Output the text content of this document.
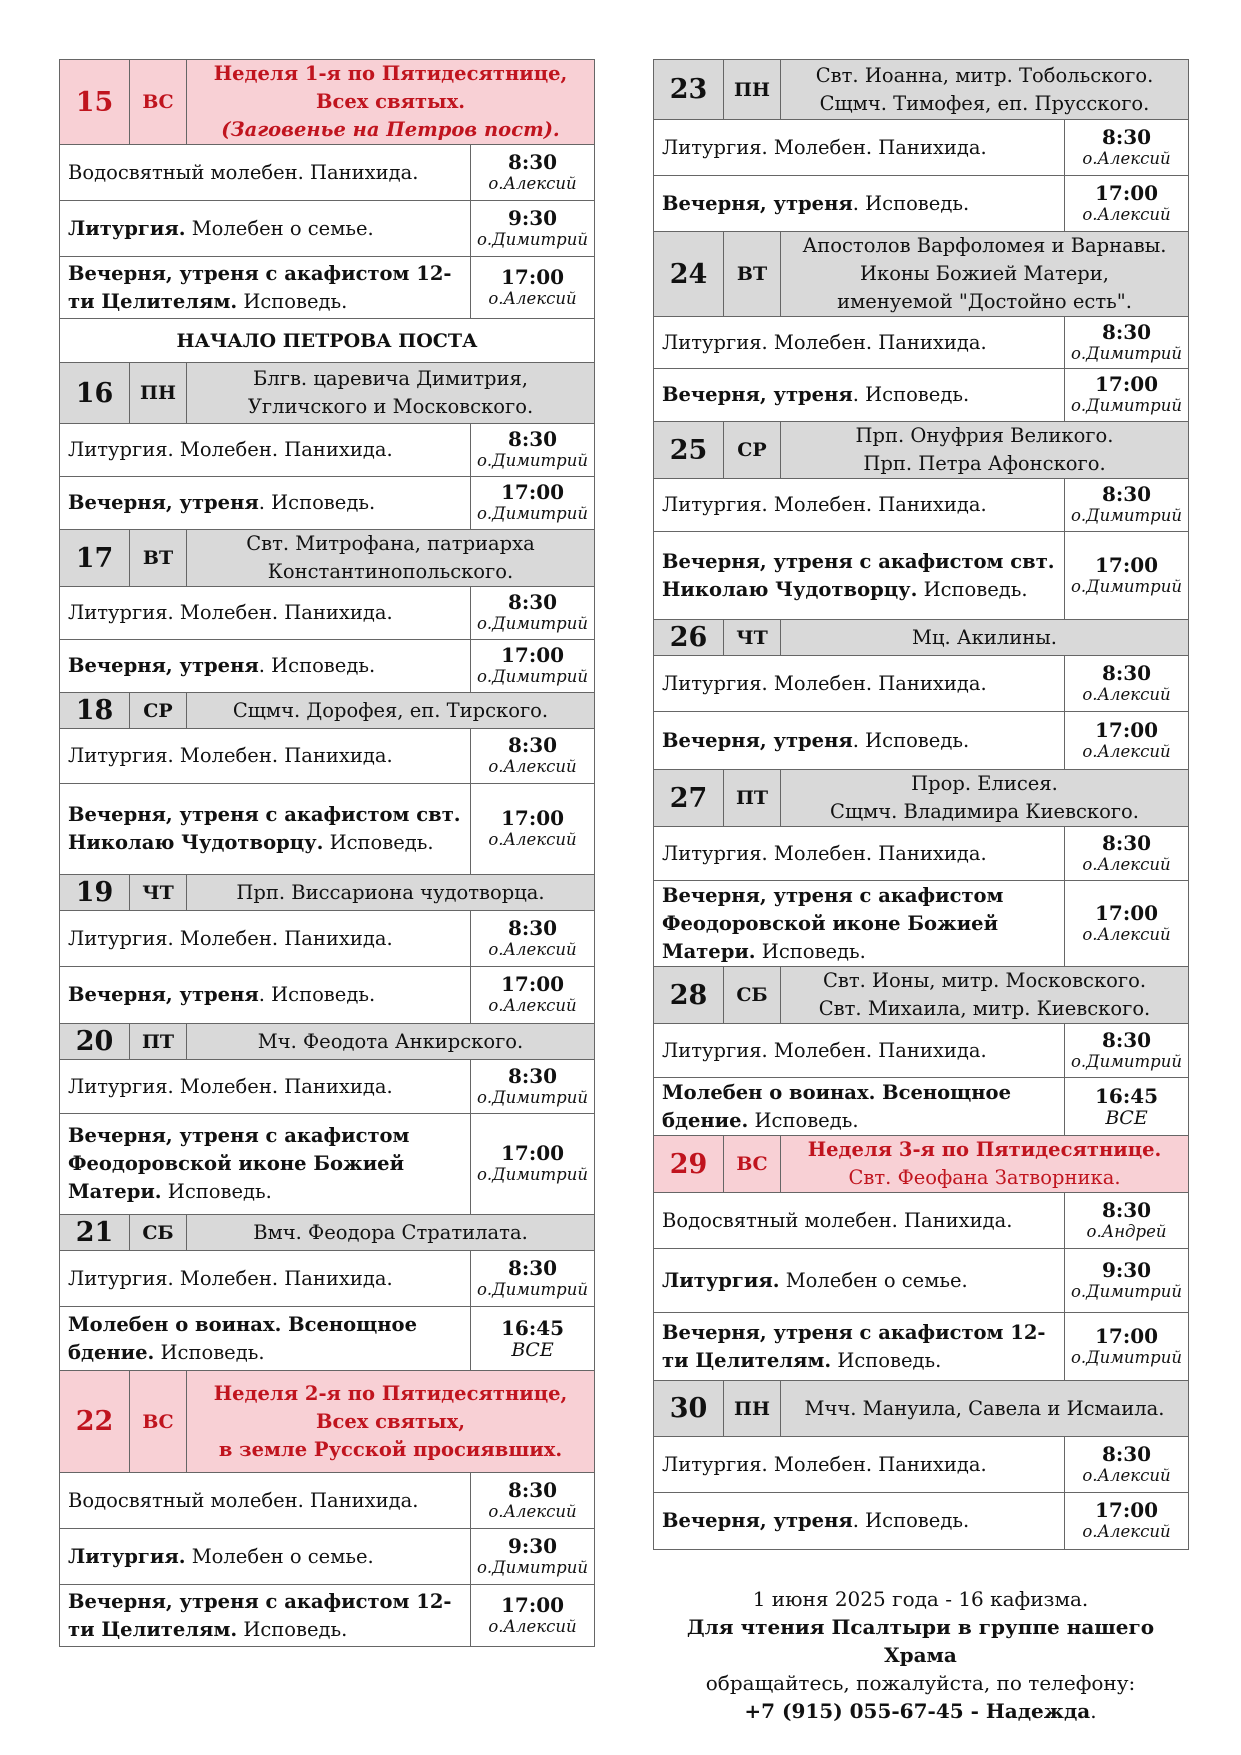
15	ВС	Неделя 1-я по Пятидесятнице,
Всех святых.
(Заговенье на Петров пост).	

Водосвятный молебен. Панихида.			8:30
о.Алексий

Литургия. Молебен о семье.			9:30
о.Димитрий

Вечерня, утреня с акафистом 12-ти Целителям. Исповедь.			17:00
о.Алексий

НАЧАЛО ПЕТРОВА ПОСТА			
16	ПН	Блгв. царевича Димитрия,
Угличского и Московского.	

Литургия. Молебен. Панихида.			8:30
о.Димитрий

Вечерня, утреня. Исповедь.			17:00
о.Димитрий

17	ВТ	Свт. Митрофана, патриарха
Константинопольского.	

Литургия. Молебен. Панихида.			8:30
о.Димитрий

Вечерня, утреня. Исповедь.			17:00
о.Димитрий

18	СР	Сщмч. Дорофея, еп. Тирского.	

Литургия. Молебен. Панихида.			8:30
о.Алексий

Вечерня, утреня с акафистом свт. Николаю Чудотворцу. Исповедь.			17:00
о.Алексий

19	ЧТ	Прп. Виссариона чудотворца.	

Литургия. Молебен. Панихида.			8:30
о.Алексий

Вечерня, утреня. Исповедь.			17:00
о.Алексий

20	ПТ	Мч. Феодота Анкирского.	

Литургия. Молебен. Панихида.			8:30
о.Димитрий

Вечерня, утреня с акафистом Феодоровской иконе Божией Матери. Исповедь.			17:00
о.Димитрий

21	СБ	Вмч. Феодора Стратилата.	

Литургия. Молебен. Панихида.			8:30
о.Димитрий

Молебен о воинах. Всенощное бдение. Исповедь.			16:45
ВСЕ

22	ВС	Неделя 2-я по Пятидесятнице,
Всех святых,
в земле Русской просиявших.	

Водосвятный молебен. Панихида.			8:30
о.Алексий

Литургия. Молебен о семье.			9:30
о.Димитрий

Вечерня, утреня с акафистом 12-ти Целителям. Исповедь.			17:00
о.Алексий
23	ПН	Свт. Иоанна, митр. Тобольского.
Сщмч. Тимофея, еп. Прусского.	

Литургия. Молебен. Панихида.			8:30
о.Алексий

Вечерня, утреня. Исповедь.			17:00
о.Алексий

24	ВТ	Апостолов Варфоломея и Варнавы.
Иконы Божией Матери,
именуемой "Достойно есть".	

Литургия. Молебен. Панихида.			8:30
о.Димитрий

Вечерня, утреня. Исповедь.			17:00
о.Димитрий

25	СР	Прп. Онуфрия Великого.
Прп. Петра Афонского.	

Литургия. Молебен. Панихида.			8:30
о.Димитрий

Вечерня, утреня с акафистом свт. Николаю Чудотворцу. Исповедь.			17:00
о.Димитрий

26	ЧТ	Мц. Акилины.	

Литургия. Молебен. Панихида.			8:30
о.Алексий

Вечерня, утреня. Исповедь.			17:00
о.Алексий

27	ПТ	Прор. Елисея.
Сщмч. Владимира Киевского.	

Литургия. Молебен. Панихида.			8:30
о.Алексий

Вечерня, утреня с акафистом Феодоровской иконе Божией Матери. Исповедь.			17:00
о.Алексий

28	СБ	Свт. Ионы, митр. Московского.
Свт. Михаила, митр. Киевского.	

Литургия. Молебен. Панихида.			8:30
о.Димитрий

Молебен о воинах. Всенощное бдение. Исповедь.			16:45
ВСЕ

29	ВС	Неделя 3-я по Пятидесятнице.
Свт. Феофана Затворника.	

Водосвятный молебен. Панихида.			8:30
о.Андрей

Литургия. Молебен о семье.			9:30
о.Димитрий

Вечерня, утреня с акафистом 12-ти Целителям. Исповедь.			17:00
о.Димитрий

30	ПН	Мчч. Мануила, Савела и Исмаила.	

Литургия. Молебен. Панихида.			8:30
о.Алексий

Вечерня, утреня. Исповедь.			17:00
о.Алексий
1 июня 2025 года - 16 кафизма.
Для чтения Псалтыри в группе нашего Храма
обращайтесь, пожалуйста, по телефону:
+7 (915) 055-67-45 - Надежда.
